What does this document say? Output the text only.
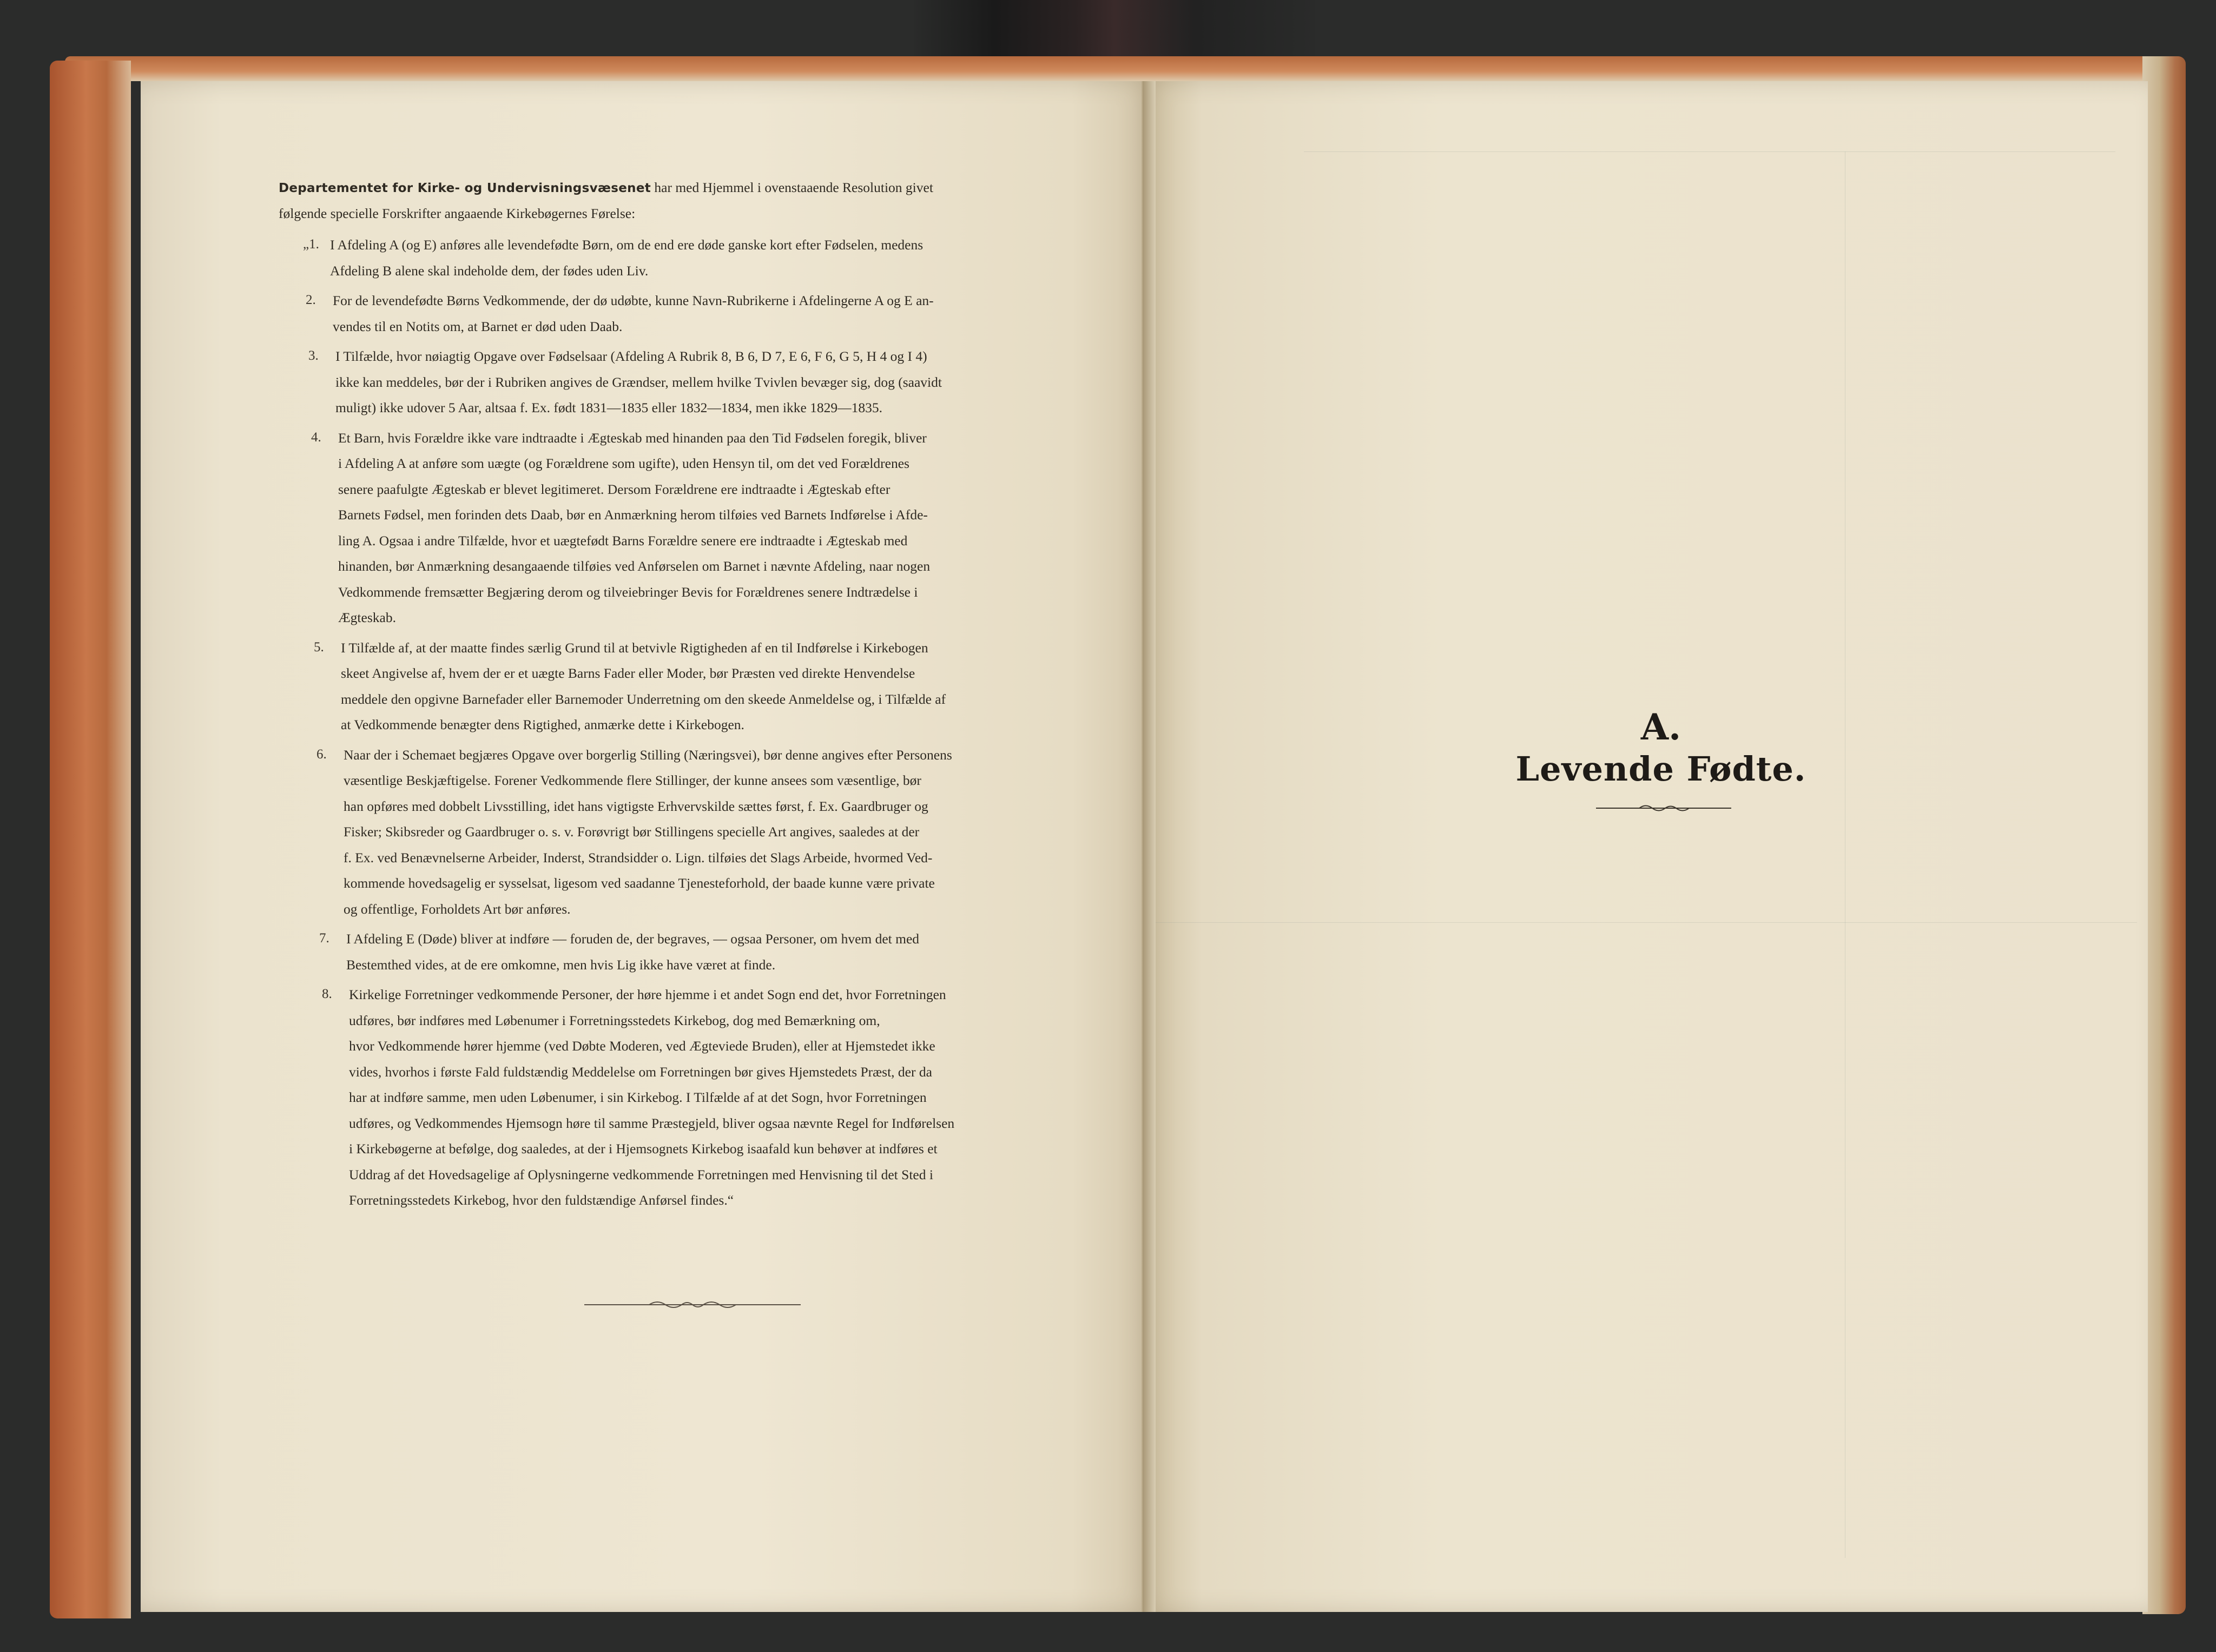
Departementet for Kirke- og Undervisningsvæsenet har med Hjemmel i ovenstaaende Resolution givet
følgende specielle Forskrifter angaaende Kirkebøgernes Førelse:
„1. I Afdeling A (og E) anføres alle levendefødte Børn, om de end ere døde ganske kort efter Fødselen, medens
Afdeling B alene skal indeholde dem, der fødes uden Liv.
2. For de levendefødte Børns Vedkommende, der dø udøbte, kunne Navn-Rubrikerne i Afdelingerne A og E an-
vendes til en Notits om, at Barnet er død uden Daab.
3. I Tilfælde, hvor nøiagtig Opgave over Fødselsaar (Afdeling A Rubrik 8, B 6, D 7, E 6, F 6, G 5, H 4 og I 4)
ikke kan meddeles, bør der i Rubriken angives de Grændser, mellem hvilke Tvivlen bevæger sig, dog (saavidt
muligt) ikke udover 5 Aar, altsaa f. Ex. født 1831—1835 eller 1832—1834, men ikke 1829—1835.
4. Et Barn, hvis Forældre ikke vare indtraadte i Ægteskab med hinanden paa den Tid Fødselen foregik, bliver
i Afdeling A at anføre som uægte (og Forældrene som ugifte), uden Hensyn til, om det ved Forældrenes
senere paafulgte Ægteskab er blevet legitimeret. Dersom Forældrene ere indtraadte i Ægteskab efter
Barnets Fødsel, men forinden dets Daab, bør en Anmærkning herom tilføies ved Barnets Indførelse i Afde-
ling A. Ogsaa i andre Tilfælde, hvor et uægtefødt Barns Forældre senere ere indtraadte i Ægteskab med
hinanden, bør Anmærkning desangaaende tilføies ved Anførselen om Barnet i nævnte Afdeling, naar nogen
Vedkommende fremsætter Begjæring derom og tilveiebringer Bevis for Forældrenes senere Indtrædelse i
Ægteskab.
5. I Tilfælde af, at der maatte findes særlig Grund til at betvivle Rigtigheden af en til Indførelse i Kirkebogen
skeet Angivelse af, hvem der er et uægte Barns Fader eller Moder, bør Præsten ved direkte Henvendelse
meddele den opgivne Barnefader eller Barnemoder Underretning om den skeede Anmeldelse og, i Tilfælde af
at Vedkommende benægter dens Rigtighed, anmærke dette i Kirkebogen.
6. Naar der i Schemaet begjæres Opgave over borgerlig Stilling (Næringsvei), bør denne angives efter Personens
væsentlige Beskjæftigelse. Forener Vedkommende flere Stillinger, der kunne ansees som væsentlige, bør
han opføres med dobbelt Livsstilling, idet hans vigtigste Erhvervskilde sættes først, f. Ex. Gaardbruger og
Fisker; Skibsreder og Gaardbruger o. s. v. Forøvrigt bør Stillingens specielle Art angives, saaledes at der
f. Ex. ved Benævnelserne Arbeider, Inderst, Strandsidder o. Lign. tilføies det Slags Arbeide, hvormed Ved-
kommende hovedsagelig er sysselsat, ligesom ved saadanne Tjenesteforhold, der baade kunne være private
og offentlige, Forholdets Art bør anføres.
7. I Afdeling E (Døde) bliver at indføre — foruden de, der begraves, — ogsaa Personer, om hvem det med
Bestemthed vides, at de ere omkomne, men hvis Lig ikke have været at finde.
8. Kirkelige Forretninger vedkommende Personer, der høre hjemme i et andet Sogn end det, hvor Forretningen
udføres, bør indføres med Løbenumer i Forretningsstedets Kirkebog, dog med Bemærkning om,
hvor Vedkommende hører hjemme (ved Døbte Moderen, ved Ægteviede Bruden), eller at Hjemstedet ikke
vides, hvorhos i første Fald fuldstændig Meddelelse om Forretningen bør gives Hjemstedets Præst, der da
har at indføre samme, men uden Løbenumer, i sin Kirkebog. I Tilfælde af at det Sogn, hvor Forretningen
udføres, og Vedkommendes Hjemsogn høre til samme Præstegjeld, bliver ogsaa nævnte Regel for Indførelsen
i Kirkebøgerne at befølge, dog saaledes, at der i Hjemsognets Kirkebog isaafald kun behøver at indføres et
Uddrag af det Hovedsagelige af Oplysningerne vedkommende Forretningen med Henvisning til det Sted i
Forretningsstedets Kirkebog, hvor den fuldstændige Anførsel findes.“
A.
Levende Fødte.
